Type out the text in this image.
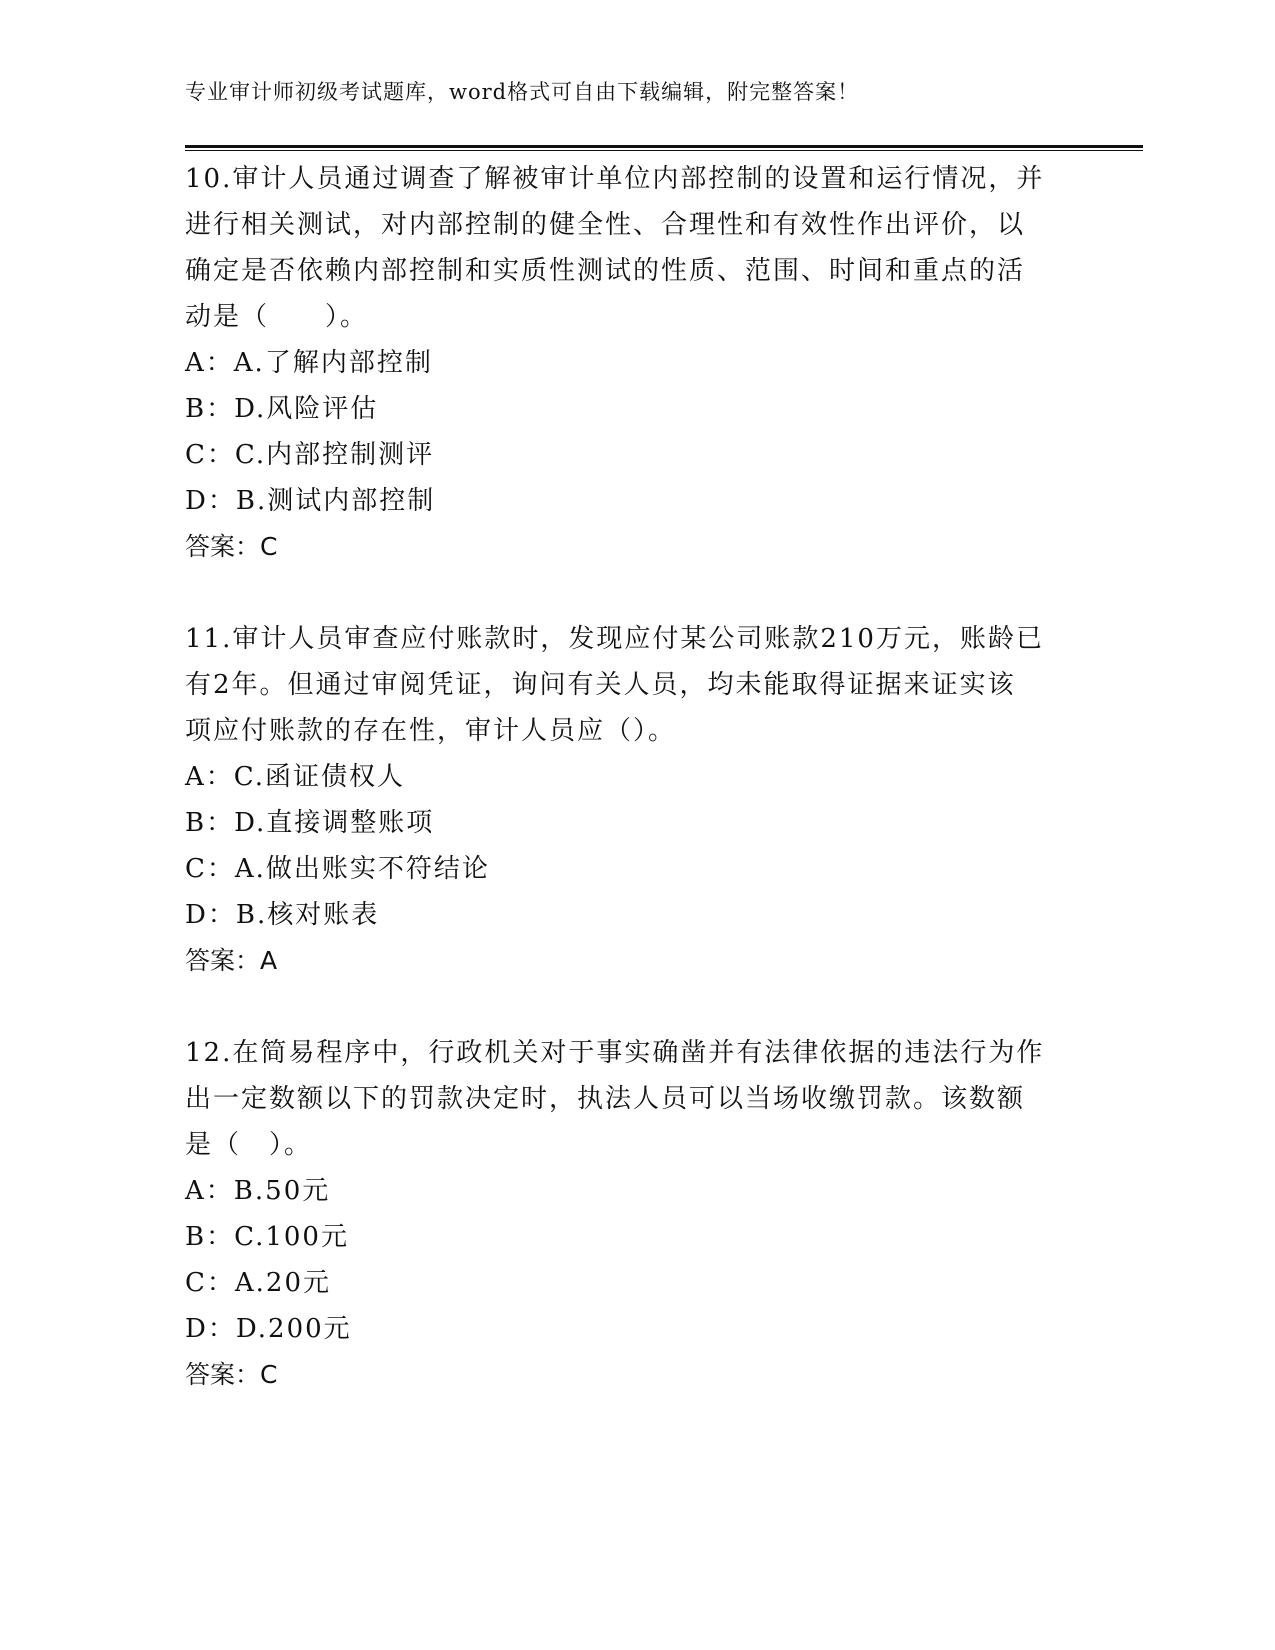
专业审计师初级考试题库，word格式可自由下载编辑，附完整答案！

10.审计人员通过调查了解被审计单位内部控制的设置和运行情况，并
进行相关测试，对内部控制的健全性、合理性和有效性作出评价，以
确定是否依赖内部控制和实质性测试的性质、范围、时间和重点的活
动是（　　）。

A：A.了解内部控制

B：D.风险评估

C：C.内部控制测评

D：B.测试内部控制

答案：C

11.审计人员审查应付账款时，发现应付某公司账款210万元，账龄已
有2年。但通过审阅凭证，询问有关人员，均未能取得证据来证实该
项应付账款的存在性，审计人员应（）。

A：C.函证债权人

B：D.直接调整账项

C：A.做出账实不符结论

D：B.核对账表

答案：A

12.在简易程序中，行政机关对于事实确凿并有法律依据的违法行为作
出一定数额以下的罚款决定时，执法人员可以当场收缴罚款。该数额
是（　）。

A：B.50元

B：C.100元

C：A.20元

D：D.200元

答案：C
